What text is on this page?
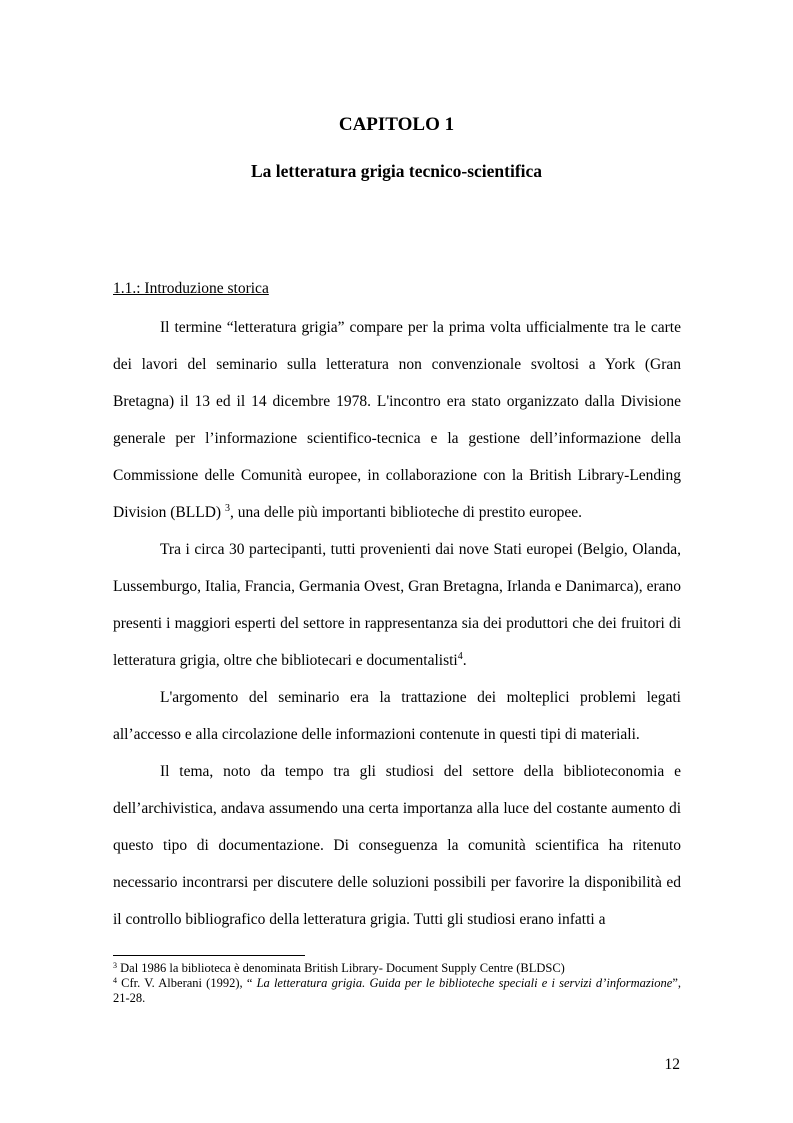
CAPITOLO 1
La letteratura grigia tecnico-scientifica
1.1.: Introduzione storica

Il termine “letteratura grigia” compare per la prima volta ufficialmente tra le carte dei lavori del seminario sulla letteratura non convenzionale svoltosi a York (Gran Bretagna) il 13 ed il 14 dicembre 1978. L'incontro era stato organizzato dalla Divisione generale per l’informazione scientifico-tecnica e la gestione dell’informazione della Commissione delle Comunità europee, in collaborazione con la British Library-Lending Division (BLLD) $^3$, una delle più importanti biblioteche di prestito europee.

Tra i circa 30 partecipanti, tutti provenienti dai nove Stati europei (Belgio, Olanda, Lussemburgo, Italia, Francia, Germania Ovest, Gran Bretagna, Irlanda e Danimarca), erano presenti i maggiori esperti del settore in rappresentanza sia dei produttori che dei fruitori di letteratura grigia, oltre che bibliotecari e documentalisti$^4$.

L'argomento del seminario era la trattazione dei molteplici problemi legati all’accesso e alla circolazione delle informazioni contenute in questi tipi di materiali.

Il tema, noto da tempo tra gli studiosi del settore della biblioteconomia e dell’archivistica, andava assumendo una certa importanza alla luce del costante aumento di questo tipo di documentazione. Di conseguenza la comunità scientifica ha ritenuto necessario incontrarsi per discutere delle soluzioni possibili per favorire la disponibilità ed il controllo bibliografico della letteratura grigia. Tutti gli studiosi erano infatti a

$^3$ Dal 1986 la biblioteca è denominata British Library- Document Supply Centre (BLDSC)

$^4$ Cfr. V. Alberani (1992), “ La letteratura grigia. Guida per le biblioteche speciali e i servizi d’informazione”, 21-28.

12
